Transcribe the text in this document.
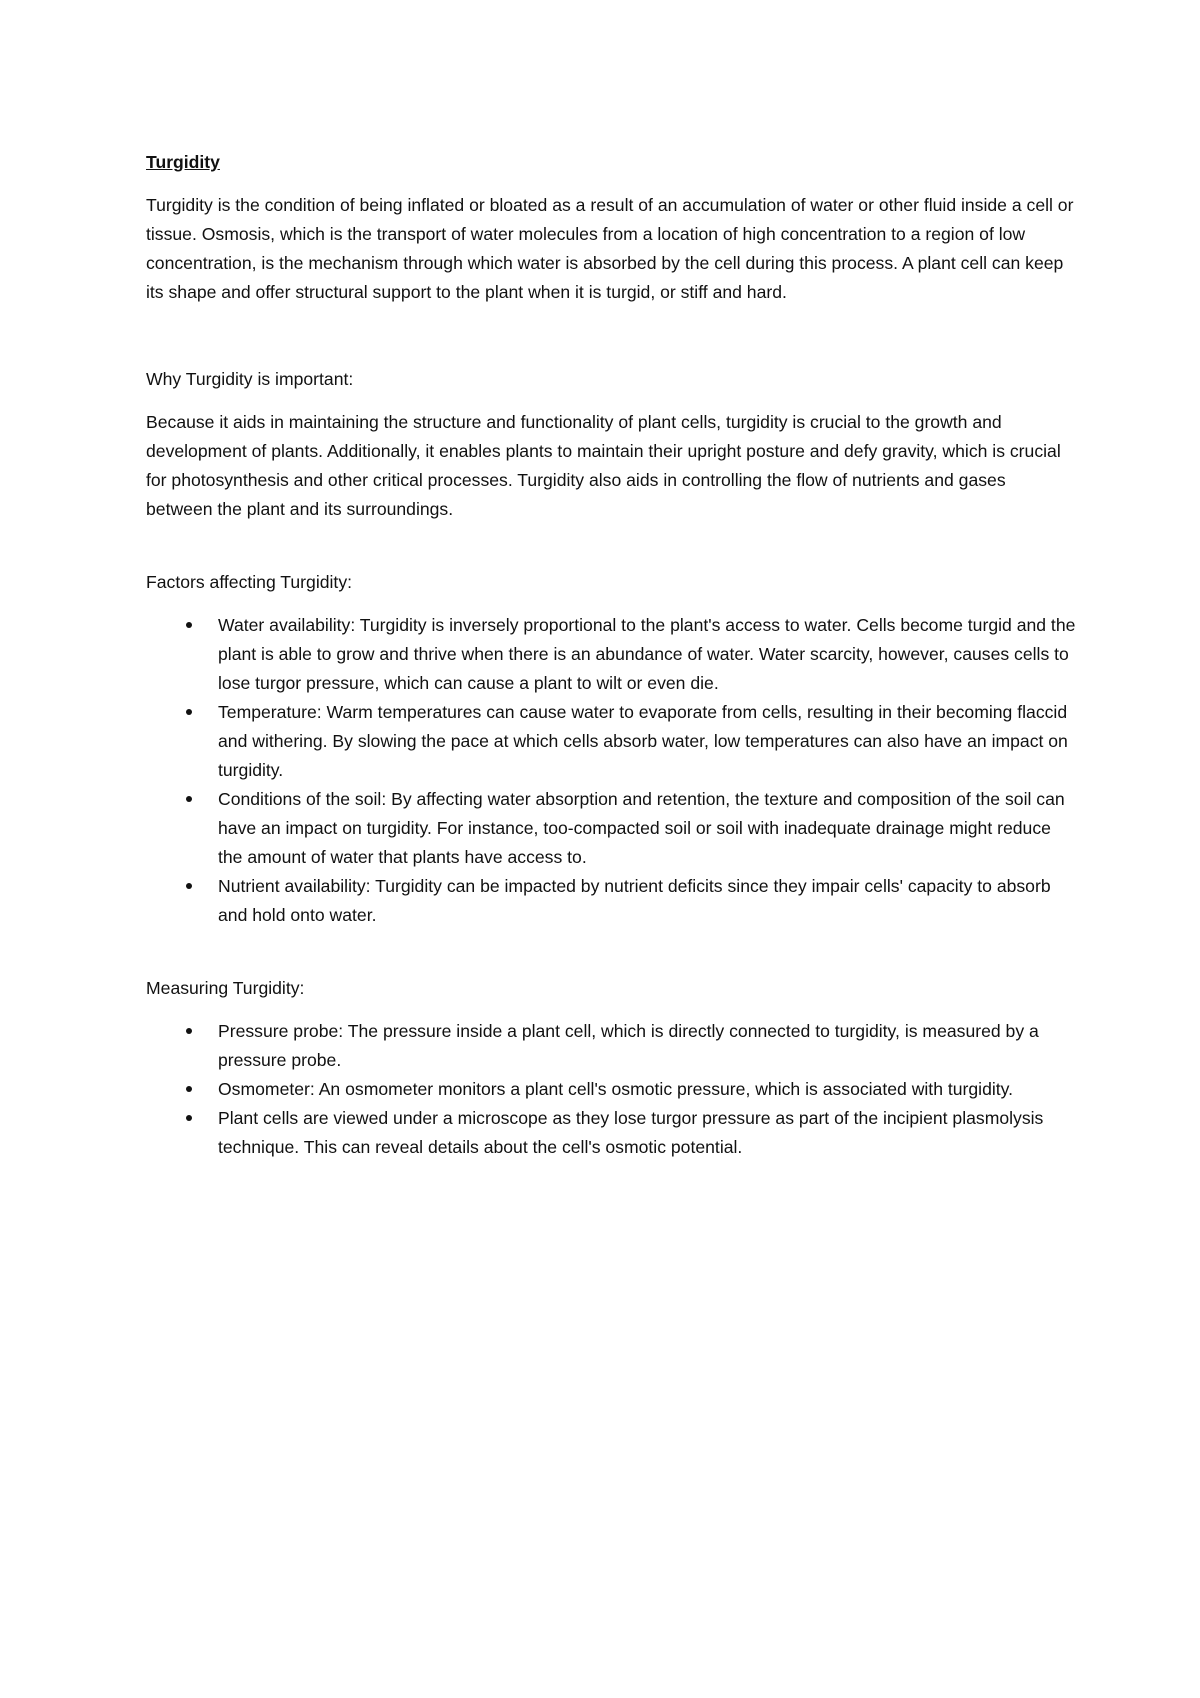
Turgidity

Turgidity is the condition of being inflated or bloated as a result of an accumulation of water or other fluid inside a cell or tissue. Osmosis, which is the transport of water molecules from a location of high concentration to a region of low concentration, is the mechanism through which water is absorbed by the cell during this process. A plant cell can keep its shape and offer structural support to the plant when it is turgid, or stiff and hard.

Why Turgidity is important:

Because it aids in maintaining the structure and functionality of plant cells, turgidity is crucial to the growth and development of plants. Additionally, it enables plants to maintain their upright posture and defy gravity, which is crucial for photosynthesis and other critical processes. Turgidity also aids in controlling the flow of nutrients and gases between the plant and its surroundings.

Factors affecting Turgidity:

Water availability: Turgidity is inversely proportional to the plant's access to water. Cells become turgid and the plant is able to grow and thrive when there is an abundance of water. Water scarcity, however, causes cells to lose turgor pressure, which can cause a plant to wilt or even die.
Temperature: Warm temperatures can cause water to evaporate from cells, resulting in their becoming flaccid and withering. By slowing the pace at which cells absorb water, low temperatures can also have an impact on turgidity.
Conditions of the soil: By affecting water absorption and retention, the texture and composition of the soil can have an impact on turgidity. For instance, too-compacted soil or soil with inadequate drainage might reduce the amount of water that plants have access to.
Nutrient availability: Turgidity can be impacted by nutrient deficits since they impair cells' capacity to absorb and hold onto water.

Measuring Turgidity:

Pressure probe: The pressure inside a plant cell, which is directly connected to turgidity, is measured by a pressure probe.
Osmometer: An osmometer monitors a plant cell's osmotic pressure, which is associated with turgidity.
Plant cells are viewed under a microscope as they lose turgor pressure as part of the incipient plasmolysis technique. This can reveal details about the cell's osmotic potential.
